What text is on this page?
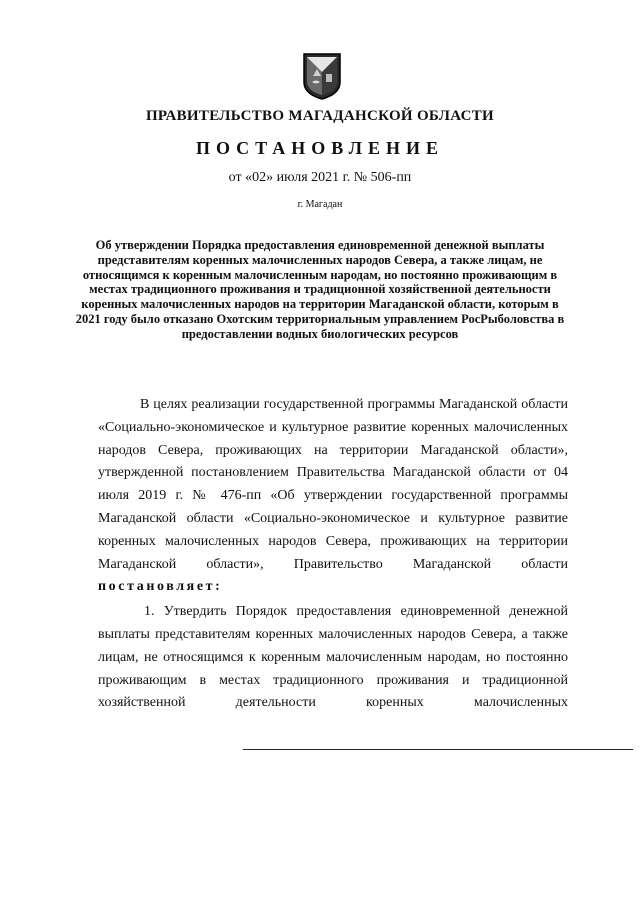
ПРАВИТЕЛЬСТВО МАГАДАНСКОЙ ОБЛАСТИ
ПОСТАНОВЛЕНИЕ
от «02» июля 2021 г. № 506-пп
г. Магадан
Об утверждении Порядка предоставления единовременной денежной выплаты представителям коренных малочисленных народов Севера, а также лицам, не относящимся к коренным малочисленным народам, но постоянно проживающим в местах традиционного проживания и традиционной хозяйственной деятельности коренных малочисленных народов на территории Магаданской области, которым в 2021 году было отказано Охотским территориальным управлением РосРыболовства в предоставлении водных биологических ресурсов

В целях реализации государственной программы Магаданской области «Социально-экономическое и культурное развитие коренных малочисленных народов Севера, проживающих на территории Магаданской области», утвержденной постановлением Правительства Магаданской области от 04 июля 2019 г. № 476-пп «Об утверждении государственной программы Магаданской области «Социально-экономическое и культурное развитие коренных малочисленных народов Севера, проживающих на территории Магаданской области», Правительство Магаданской области постановляет:

1. Утвердить Порядок предоставления единовременной денежной выплаты представителям коренных малочисленных народов Севера, а также лицам, не относящимся к коренным малочисленным народам, но постоянно проживающим в местах традиционного проживания и традиционной хозяйственной деятельности коренных малочисленных
